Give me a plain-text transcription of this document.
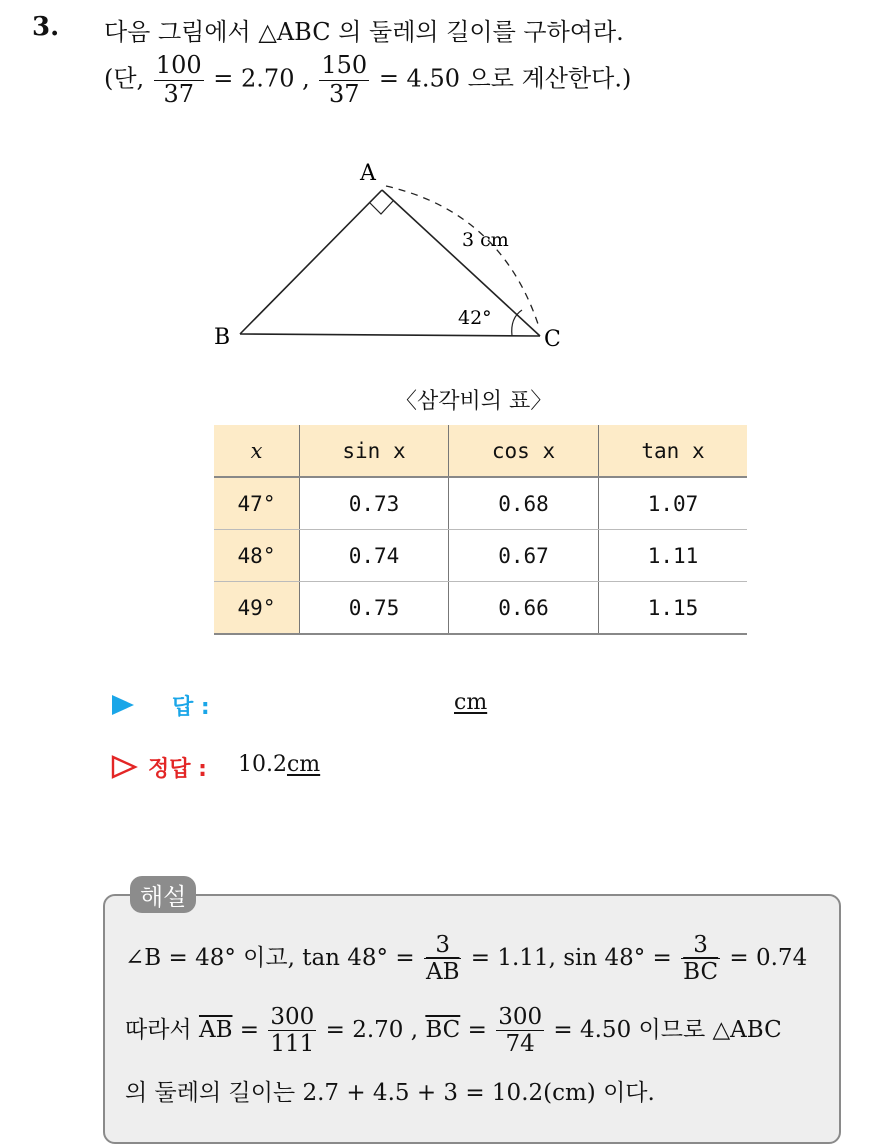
3. 다음 그림에서 △ABC 의 둘레의 길이를 구하여라.
(단, $\frac{100}{37} = 2.70$ , $\frac{150}{37} = 4.50$ 으로 계산한다.)
A
B	C
3 cm
42°
〈삼각비의 표〉
x	sin x	cos x	tan x
47°	0.73	0.68	1.07
48°	0.74	0.67	1.11
49°	0.75	0.66	1.15
답 :	cm
정답 : 10.2cm
해설
∠B = 48° 이고, $\tan 48^\circ = \frac{3}{AB} = 1.11$, $\sin 48^\circ = \frac{3}{BC} = 0.74$
따라서 $\overline{AB} = \frac{300}{111} = 2.70$ , $\overline{BC} = \frac{300}{74} = 4.50$ 이므로 △ABC
의 둘레의 길이는 2.7 + 4.5 + 3 = 10.2(cm) 이다.
